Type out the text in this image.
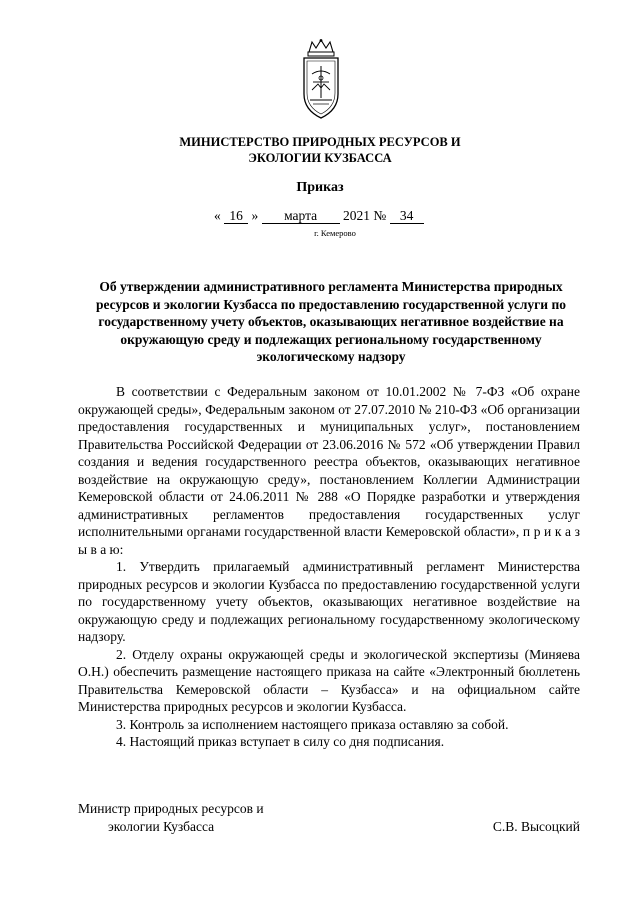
МИНИСТЕРСТВО ПРИРОДНЫХ РЕСУРСОВ И
ЭКОЛОГИИ КУЗБАССА
Приказ
« 16 » марта 2021 № 34
г. Кемерово
Об утверждении административного регламента Министерства природных ресурсов и экологии Кузбасса по предоставлению государственной услуги по государственному учету объектов, оказывающих негативное воздействие на окружающую среду и подлежащих региональному государственному экологическому надзору

В соответствии с Федеральным законом от 10.01.2002 № 7-ФЗ «Об охране окружающей среды», Федеральным законом от 27.07.2010 № 210-ФЗ «Об организации предоставления государственных и муниципальных услуг», постановлением Правительства Российской Федерации от 23.06.2016 № 572 «Об утверждении Правил создания и ведения государственного реестра объектов, оказывающих негативное воздействие на окружающую среду», постановлением Коллегии Администрации Кемеровской области от 24.06.2011 № 288 «О Порядке разработки и утверждения административных регламентов предоставления государственных услуг исполнительными органами государственной власти Кемеровской области», п р и к а з ы в а ю:

1. Утвердить прилагаемый административный регламент Министерства природных ресурсов и экологии Кузбасса по предоставлению государственной услуги по государственному учету объектов, оказывающих негативное воздействие на окружающую среду и подлежащих региональному государственному экологическому надзору.

2. Отделу охраны окружающей среды и экологической экспертизы (Миняева О.Н.) обеспечить размещение настоящего приказа на сайте «Электронный бюллетень Правительства Кемеровской области – Кузбасса» и на официальном сайте Министерства природных ресурсов и экологии Кузбасса.

3. Контроль за исполнением настоящего приказа оставляю за собой.

4. Настоящий приказ вступает в силу со дня подписания.

Министр природных ресурсов и
экологии Кузбасса	С.В. Высоцкий
